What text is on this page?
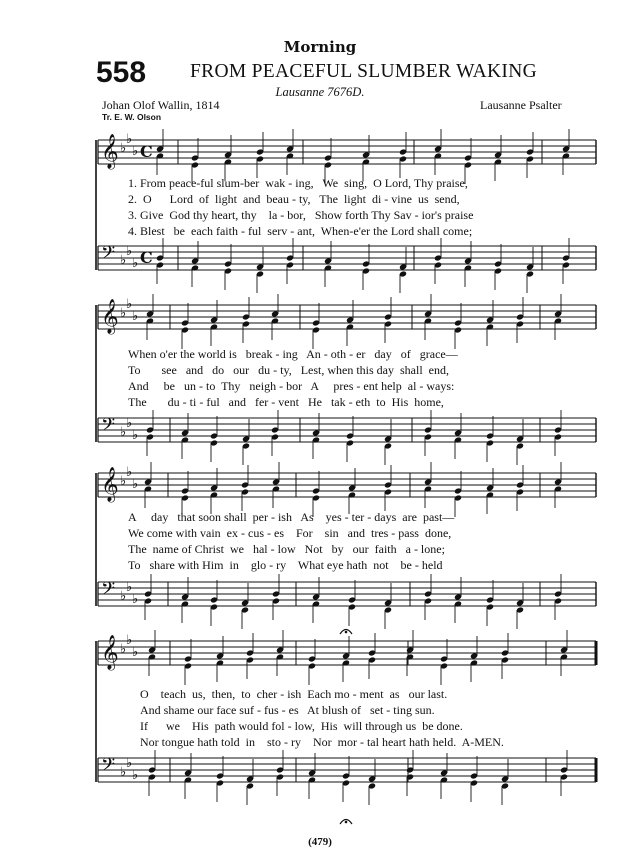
Morning
558 FROM PEACEFUL SLUMBER WAKING
Lausanne 7676D.
Johan Olof Wallin, 1814
Tr. E. W. Olson
Lausanne Psalter
𝄞 ♭
♭
♭ C
𝄢 ♭
♭
♭ C
𝄞 ♭
♭
♭
𝄢 ♭
♭
♭
𝄞 ♭
♭
♭
𝄢 ♭
♭
♭
𝄞 ♭
♭
♭
𝄢 ♭
♭
♭
1. From peace-ful slum-ber  wak - ing,   We  sing,  O Lord, Thy praise,
2.  O      Lord  of  light  and  beau - ty,   The  light  di - vine  us  send,
3. Give  God thy heart, thy    la - bor,   Show forth Thy Sav - ior's praise
4. Blest   be  each faith - ful  serv - ant,  When-e'er the Lord shall come;
When o'er the world is   break - ing   An - oth - er   day   of   grace—
To       see   and   do   our   du - ty,   Lest, when this day  shall  end,
And     be   un - to  Thy   neigh - bor   A     pres - ent help  al - ways:
The       du - ti - ful   and   fer - vent   He   tak - eth  to  His  home,
A     day   that soon shall  per - ish   As    yes - ter - days  are  past—
We come with vain  ex - cus - es    For    sin   and  tres - pass  done,
The  name of Christ  we   hal - low   Not   by   our  faith   a - lone;
To   share with Him  in    glo - ry    What eye hath  not    be - held
O    teach  us,  then,  to  cher - ish  Each mo - ment  as   our last.
And shame our face suf - fus - es   At blush of   set - ting sun.
If      we    His  path would fol - low,  His  will through us  be done.
Nor tongue hath told  in    sto - ry    Nor  mor - tal heart hath held.  A-MEN.
(479)
